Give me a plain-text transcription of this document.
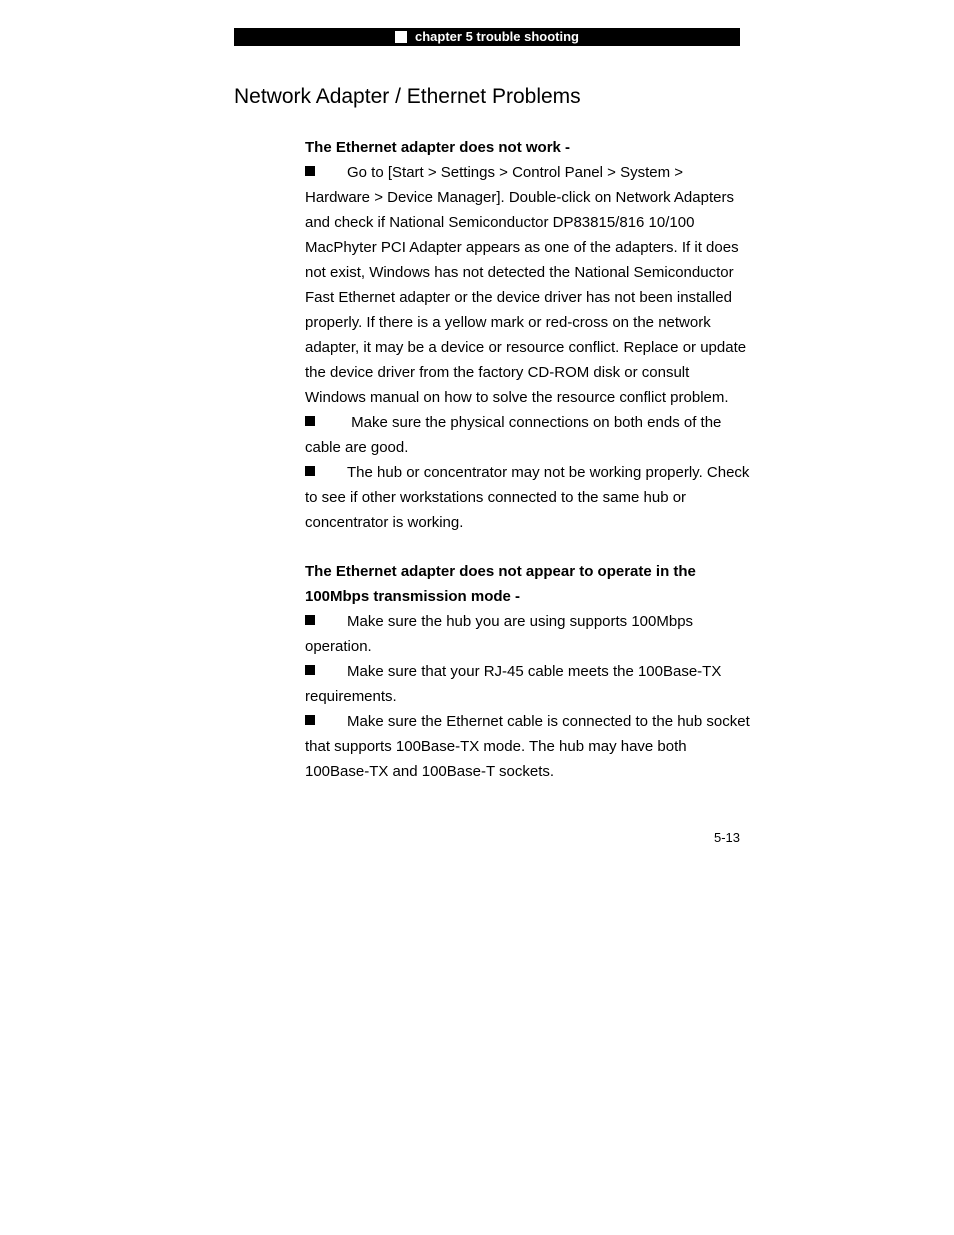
chapter 5 trouble shooting
Network Adapter / Ethernet Problems

The Ethernet adapter does not work -

Go to [Start > Settings > Control Panel > System > Hardware > Device Manager]. Double-click on Network Adapters and check if National Semiconductor DP83815/816 10/100 MacPhyter PCI Adapter appears as one of the adapters. If it does not exist, Windows has not detected the National Semiconductor Fast Ethernet adapter or the device driver has not been installed properly. If there is a yellow mark or red-cross on the network adapter, it may be a device or resource conflict. Replace or update the device driver from the factory CD-ROM disk or consult Windows manual on how to solve the resource conflict problem.

Make sure the physical connections on both ends of the cable are good.

The hub or concentrator may not be working properly. Check to see if other workstations connected to the same hub or concentrator is working.

The Ethernet adapter does not appear to operate in the 100Mbps transmission mode -

Make sure the hub you are using supports 100Mbps operation.

Make sure that your RJ-45 cable meets the 100Base-TX requirements.

Make sure the Ethernet cable is connected to the hub socket that supports 100Base-TX mode. The hub may have both 100Base-TX and 100Base-T sockets.

5-13
